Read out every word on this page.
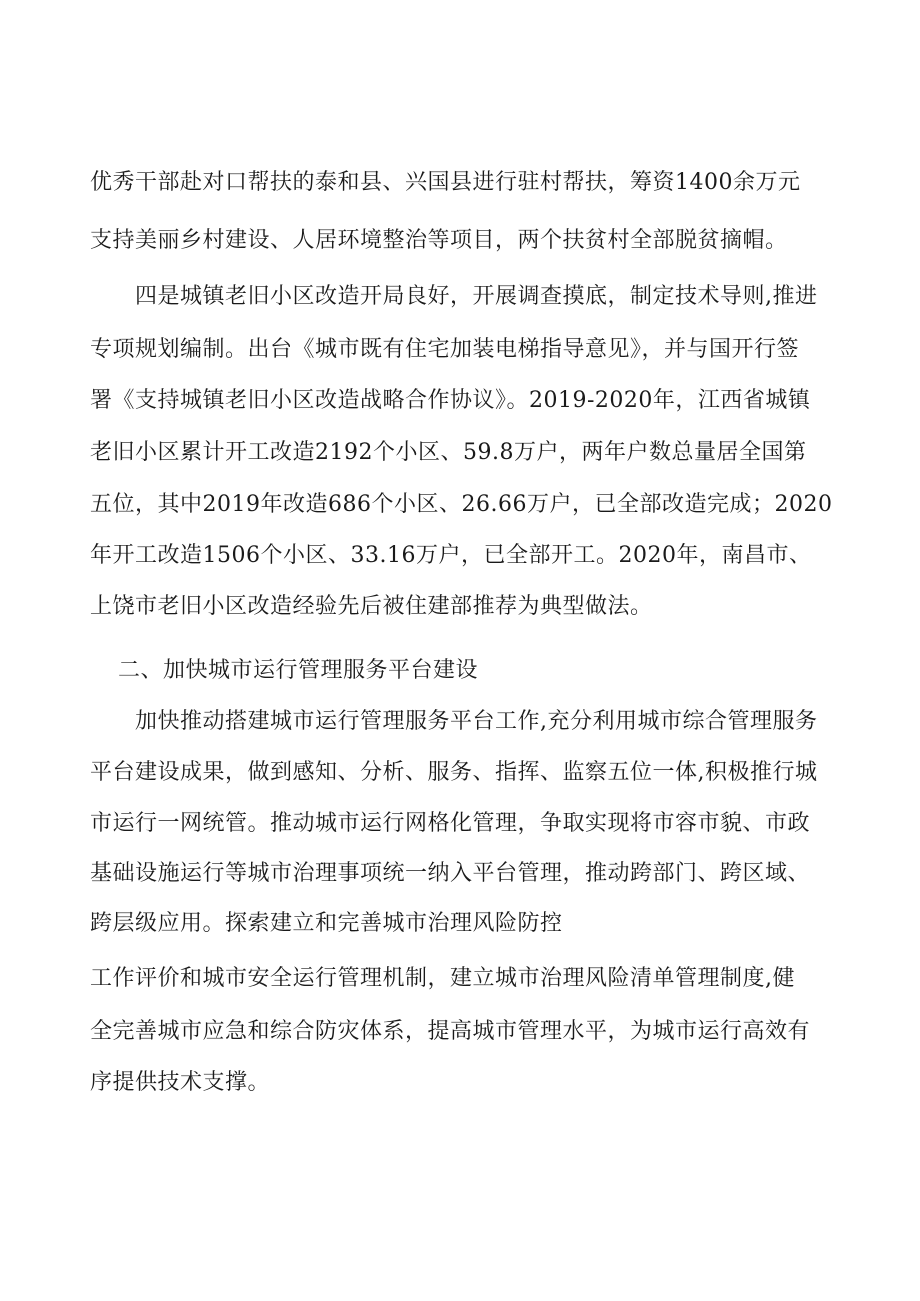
优秀干部赴对口帮扶的泰和县、兴国县进行驻村帮扶，筹资1400余万元

支持美丽乡村建设、人居环境整治等项目，两个扶贫村全部脱贫摘帽。

四是城镇老旧小区改造开局良好，开展调查摸底，制定技术导则,推进

专项规划编制。出台《城市既有住宅加装电梯指导意见》，并与国开行签

署《支持城镇老旧小区改造战略合作协议》。2019-2020年，江西省城镇

老旧小区累计开工改造2192个小区、59.8万户，两年户数总量居全国第

五位，其中2019年改造686个小区、26.66万户，已全部改造完成；2020

年开工改造1506个小区、33.16万户，已全部开工。2020年，南昌市、

上饶市老旧小区改造经验先后被住建部推荐为典型做法。

二、加快城市运行管理服务平台建设

加快推动搭建城市运行管理服务平台工作,充分利用城市综合管理服务

平台建设成果，做到感知、分析、服务、指挥、监察五位一体,积极推行城

市运行一网统管。推动城市运行网格化管理，争取实现将市容市貌、市政

基础设施运行等城市治理事项统一纳入平台管理，推动跨部门、跨区域、

跨层级应用。探索建立和完善城市治理风险防控

工作评价和城市安全运行管理机制，建立城市治理风险清单管理制度,健

全完善城市应急和综合防灾体系，提高城市管理水平，为城市运行高效有

序提供技术支撑。
